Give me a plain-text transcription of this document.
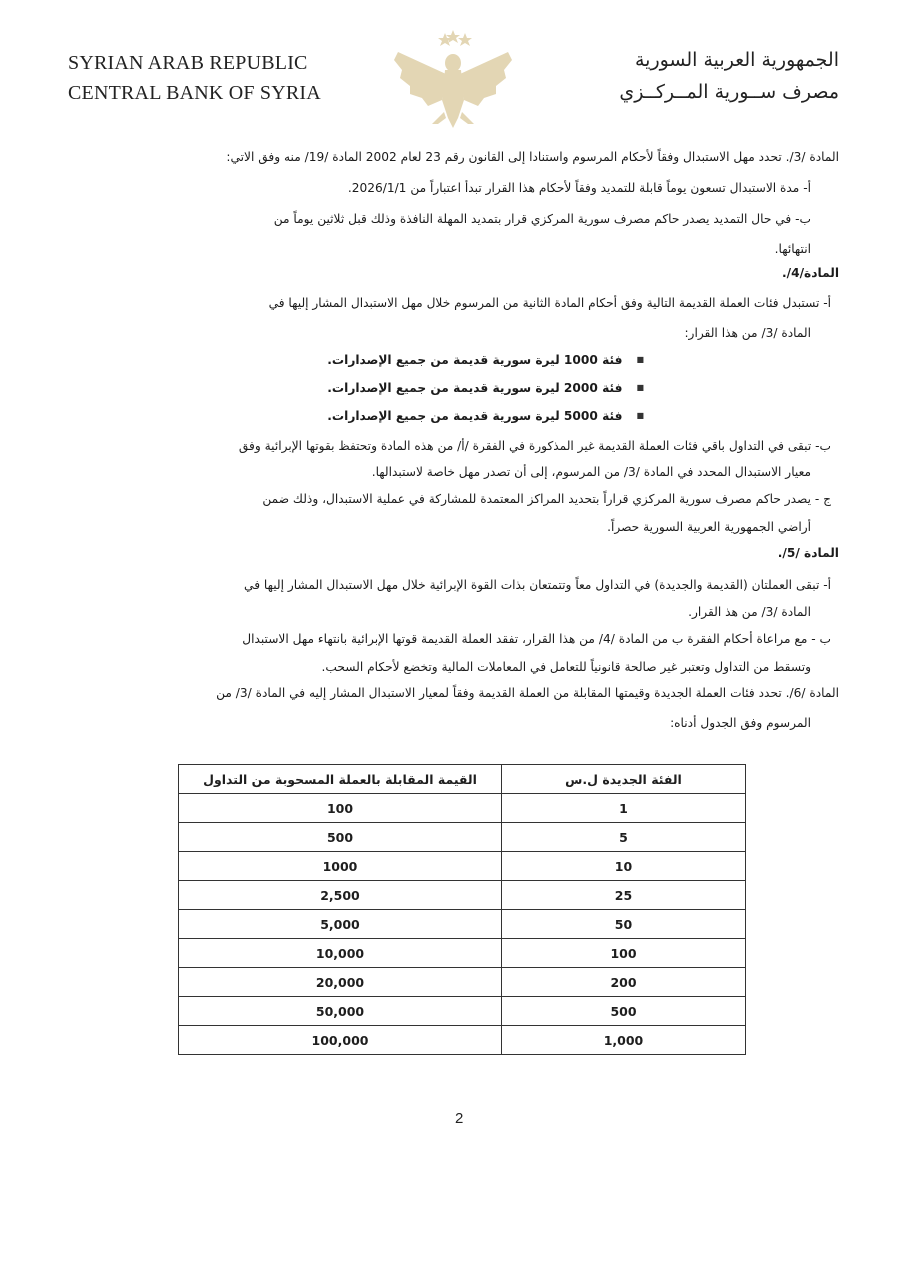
SYRIAN ARAB REPUBLIC
CENTRAL BANK OF SYRIA
الجمهورية العربية السورية
مصرف ســورية المــركــزي
المادة /3/. تحدد مهل الاستبدال وفقاً لأحكام المرسوم واستنادا إلى القانون رقم 23 لعام 2002 المادة /19/ منه وفق الاتي:
أ- مدة الاستبدال تسعون يوماً قابلة للتمديد وفقاً لأحكام هذا القرار تبدأ اعتباراً من 2026/1/1.
ب- في حال التمديد يصدر حاكم مصرف سورية المركزي قرار بتمديد المهلة النافذة وذلك قبل ثلاثين يوماً من
انتهائها.
المادة/4/.
أ- تستبدل فئات العملة القديمة التالية وفق أحكام المادة الثانية من المرسوم خلال مهل الاستبدال المشار إليها في
المادة /3/ من هذا القرار:
■ فئة 1000 ليرة سورية قديمة من جميع الإصدارات.
■ فئة 2000 ليرة سورية قديمة من جميع الإصدارات.
■ فئة 5000 ليرة سورية قديمة من جميع الإصدارات.
ب- تبقى في التداول باقي فئات العملة القديمة غير المذكورة في الفقرة /أ/ من هذه المادة وتحتفظ بقوتها الإبرائية وفق
معيار الاستبدال المحدد في المادة /3/ من المرسوم، إلى أن تصدر مهل خاصة لاستبدالها.
ج - يصدر حاكم مصرف سورية المركزي قراراً بتحديد المراكز المعتمدة للمشاركة في عملية الاستبدال، وذلك ضمن
أراضي الجمهورية العربية السورية حصراً.
المادة /5/.
أ- تبقى العملتان (القديمة والجديدة) في التداول معاً وتتمتعان بذات القوة الإبرائية خلال مهل الاستبدال المشار إليها في
المادة /3/ من هذ القرار.
ب - مع مراعاة أحكام الفقرة ب من المادة /4/ من هذا القرار، تفقد العملة القديمة قوتها الإبرائية بانتهاء مهل الاستبدال
وتسقط من التداول وتعتبر غير صالحة قانونياً للتعامل في المعاملات المالية وتخضع لأحكام السحب.
المادة /6/. تحدد فئات العملة الجديدة وقيمتها المقابلة من العملة القديمة وفقاً لمعيار الاستبدال المشار إليه في المادة /3/ من
المرسوم وفق الجدول أدناه:
الفئة الجديدة ل.س	القيمة المقابلة بالعملة المسحوبة من التداول
1	100
5	500
10	1000
25	2,500
50	5,000
100	10,000
200	20,000
500	50,000
1,000	100,000
2
